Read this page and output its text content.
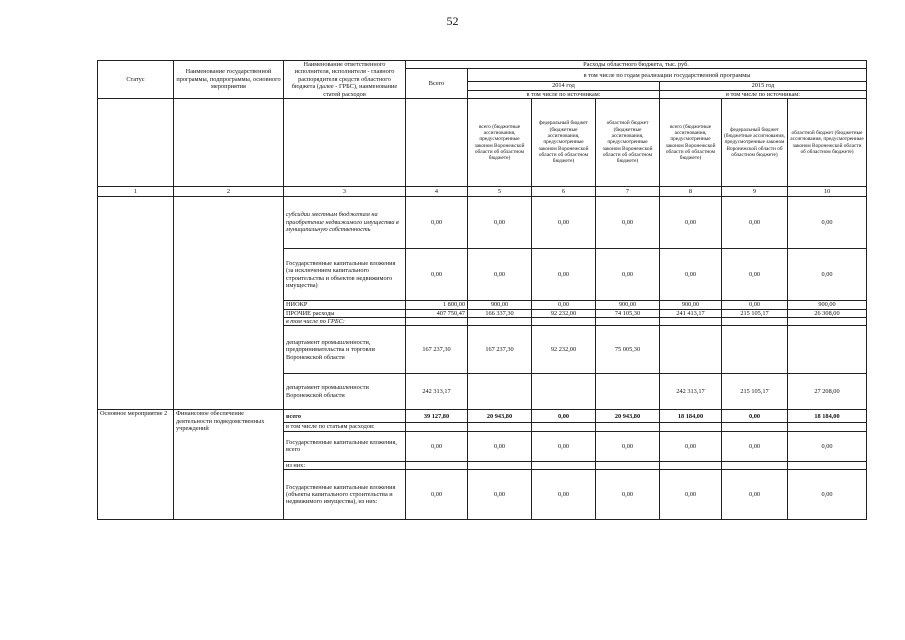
52
Статус	Наименование государственной программы, подпрограммы, основного мероприятия	Наименование ответственного исполнителя, исполнителя - главного распорядителя средств областного бюджета (далее - ГРБС), наименование статей расходов	Расходы областного бюджета, тыс. руб.						
			Всего	в том числе по годам реализации государственной программы					
				2014 год			2015 год		
				в том числе по источникам:			в том числе по источникам:		
				всего (бюджетные ассигнования, предусмотренные законом Воронежской области об областном бюджете)	федеральный бюджет (бюджетные ассигнования, предусмотренные законом Воронежской области об областном бюджете)	областной бюджет (бюджетные ассигнования, предусмотренные законом Воронежской области об областном бюджете)	всего (бюджетные ассигнования, предусмотренные законом Воронежской области об областном бюджете)	федеральный бюджет (бюджетные ассигнования, предусмотренные законом Воронежской области об областном бюджете)	областной бюджет (бюджетные ассигнования, предусмотренные законом Воронежской области об областном бюджете)
1	2	3	4	5	6	7	8	9	10
		субсидии местным бюджетам на приобретение недвижимого имущества в муниципальную собственность	0,00	0,00	0,00	0,00	0,00	0,00	0,00
		Государственные капитальные вложения (за исключением капитального строительства и объектов недвижимого имущества)	0,00	0,00	0,00	0,00	0,00	0,00	0,00
		НИОКР	1 800,00	900,00	0,00	900,00	900,00	0,00	900,00
		ПРОЧИЕ расходы	407 750,47	166 337,30	92 232,00	74 105,30	241 413,17	215 105,17	26 308,00
		в том числе по ГРБС:							
		департамент промышленности, предпринимательства и торговли Воронежской области	167 237,30	167 237,30	92 232,00	75 005,30			
		департамент промышленности Воронежской области	242 313,17				242 313,17	215 105,17	27 208,00
Основное мероприятие 2	Финансовое обеспечение деятельности подведомственных учреждений	всего	39 127,80	20 943,80	0,00	20 943,80	18 184,00	0,00	18 184,00
		в том числе по статьям расходов:							
		Государственные капитальные вложения, всего	0,00	0,00	0,00	0,00	0,00	0,00	0,00
		из них:							
		Государственные капитальные вложения (объекты капитального строительства и недвижимого имущества), из них:	0,00	0,00	0,00	0,00	0,00	0,00	0,00
